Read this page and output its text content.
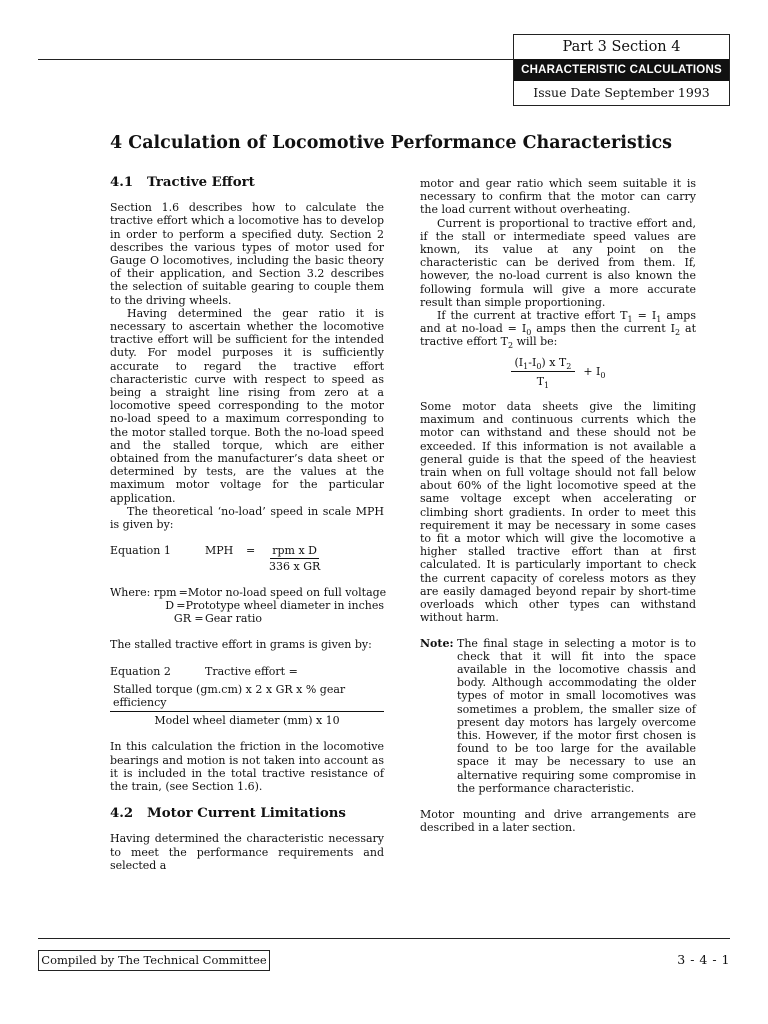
Part 3 Section 4
CHARACTERISTIC CALCULATIONS
Issue Date September 1993
4 Calculation of Locomotive Performance Characteristics
4.1 Tractive Effort

Section 1.6 describes how to calculate the tractive effort which a locomotive has to develop in order to perform a specified duty. Section 2 describes the various types of motor used for Gauge O locomotives, including the basic theory of their application, and Section 3.2 describes the selection of suitable gearing to couple them to the driving wheels.

Having determined the gear ratio it is necessary to ascertain whether the locomotive tractive effort will be sufficient for the intended duty. For model purposes it is sufficiently accurate to regard the tractive effort characteristic curve with respect to speed as being a straight line rising from zero at a locomotive speed corresponding to the motor no-load speed to a maximum corresponding to the motor stalled torque. Both the no-load speed and the stalled torque, which are either obtained from the manufacturer’s data sheet or determined by tests, are the values at the maximum motor voltage for the particular application.

The theoretical ‘no-load’ speed in scale MPH is given by:

Equation 1	MPH	=	$\frac{\text{rpm x D}}{\text{336 x GR}}$
Where: rpm = Motor no-load speed on full voltage
D = Prototype wheel diameter in inches
GR = Gear ratio

The stalled tractive effort in grams is given by:

Equation 2	Tractive effort =
Stalled torque (gm.cm) x 2 x GR x % gear efficiency
Model wheel diameter (mm) x 10

In this calculation the friction in the locomotive bearings and motion is not taken into account as it is included in the total tractive resistance of the train, (see Section 1.6).

4.2 Motor Current Limitations

Having determined the characteristic necessary to meet the performance requirements and selected a

motor and gear ratio which seem suitable it is necessary to confirm that the motor can carry the load current without overheating.

Current is proportional to tractive effort and, if the stall or intermediate speed values are known, its value at any point on the characteristic can be derived from them. If, however, the no-load current is also known the following formula will give a more accurate result than simple proportioning.

If the current at tractive effort $T_1 = I_1$ amps and at no-load = $I_0$ amps then the current $I_2$ at tractive effort $T_2$ will be:

$\frac{(I_1-I_0) x T_2}{T_1} + I_0$

Some motor data sheets give the limiting maximum and continuous currents which the motor can withstand and these should not be exceeded. If this information is not available a general guide is that the speed of the heaviest train when on full voltage should not fall below about 60% of the light locomotive speed at the same voltage except when accelerating or climbing short gradients. In order to meet this requirement it may be necessary in some cases to fit a motor which will give the locomotive a higher stalled tractive effort than at first calculated. It is particularly important to check the current capacity of coreless motors as they are easily damaged beyond repair by short-time overloads which other types can withstand without harm.

Note: The final stage in selecting a motor is to check that it will fit into the space available in the locomotive chassis and body. Although accommodating the older types of motor in small locomotives was sometimes a problem, the smaller size of present day motors has largely overcome this. However, if the motor first chosen is found to be too large for the available space it may be necessary to use an alternative requiring some compromise in the performance characteristic.

Motor mounting and drive arrangements are described in a later section.

Compiled by The Technical Committee	3 - 4 - 1
